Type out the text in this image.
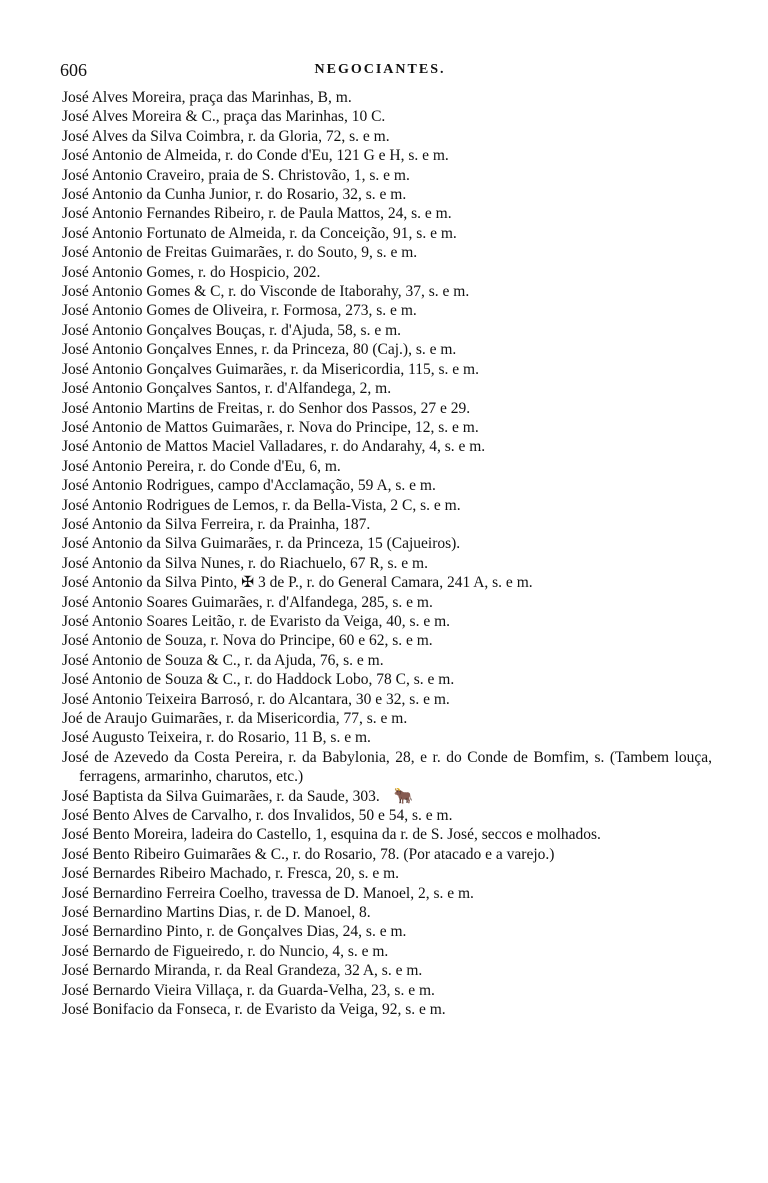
606	NEGOCIANTES.
José Alves Moreira, praça das Marinhas, B, m.
José Alves Moreira & C., praça das Marinhas, 10 C.
José Alves da Silva Coimbra, r. da Gloria, 72, s. e m.
José Antonio de Almeida, r. do Conde d'Eu, 121 G e H, s. e m.
José Antonio Craveiro, praia de S. Christovão, 1, s. e m.
José Antonio da Cunha Junior, r. do Rosario, 32, s. e m.
José Antonio Fernandes Ribeiro, r. de Paula Mattos, 24, s. e m.
José Antonio Fortunato de Almeida, r. da Conceição, 91, s. e m.
José Antonio de Freitas Guimarães, r. do Souto, 9, s. e m.
José Antonio Gomes, r. do Hospicio, 202.
José Antonio Gomes & C, r. do Visconde de Itaborahy, 37, s. e m.
José Antonio Gomes de Oliveira, r. Formosa, 273, s. e m.
José Antonio Gonçalves Bouças, r. d'Ajuda, 58, s. e m.
José Antonio Gonçalves Ennes, r. da Princeza, 80 (Caj.), s. e m.
José Antonio Gonçalves Guimarães, r. da Misericordia, 115, s. e m.
José Antonio Gonçalves Santos, r. d'Alfandega, 2, m.
José Antonio Martins de Freitas, r. do Senhor dos Passos, 27 e 29.
José Antonio de Mattos Guimarães, r. Nova do Principe, 12, s. e m.
José Antonio de Mattos Maciel Valladares, r. do Andarahy, 4, s. e m.
José Antonio Pereira, r. do Conde d'Eu, 6, m.
José Antonio Rodrigues, campo d'Acclamação, 59 A, s. e m.
José Antonio Rodrigues de Lemos, r. da Bella-Vista, 2 C, s. e m.
José Antonio da Silva Ferreira, r. da Prainha, 187.
José Antonio da Silva Guimarães, r. da Princeza, 15 (Cajueiros).
José Antonio da Silva Nunes, r. do Riachuelo, 67 R, s. e m.
José Antonio da Silva Pinto, ✠ 3 de P., r. do General Camara, 241 A, s. e m.
José Antonio Soares Guimarães, r. d'Alfandega, 285, s. e m.
José Antonio Soares Leitão, r. de Evaristo da Veiga, 40, s. e m.
José Antonio de Souza, r. Nova do Principe, 60 e 62, s. e m.
José Antonio de Souza & C., r. da Ajuda, 76, s. e m.
José Antonio de Souza & C., r. do Haddock Lobo, 78 C, s. e m.
José Antonio Teixeira Barrosó, r. do Alcantara, 30 e 32, s. e m.
Joé de Araujo Guimarães, r. da Misericordia, 77, s. e m.
José Augusto Teixeira, r. do Rosario, 11 B, s. e m.
José de Azevedo da Costa Pereira, r. da Babylonia, 28, e r. do Conde de Bomfim, s. (Tambem louça, ferragens, armarinho, charutos, etc.)
José Baptista da Silva Guimarães, r. da Saude, 303. 🐂
José Bento Alves de Carvalho, r. dos Invalidos, 50 e 54, s. e m.
José Bento Moreira, ladeira do Castello, 1, esquina da r. de S. José, seccos e molhados.
José Bento Ribeiro Guimarães & C., r. do Rosario, 78. (Por atacado e a varejo.)
José Bernardes Ribeiro Machado, r. Fresca, 20, s. e m.
José Bernardino Ferreira Coelho, travessa de D. Manoel, 2, s. e m.
José Bernardino Martins Dias, r. de D. Manoel, 8.
José Bernardino Pinto, r. de Gonçalves Dias, 24, s. e m.
José Bernardo de Figueiredo, r. do Nuncio, 4, s. e m.
José Bernardo Miranda, r. da Real Grandeza, 32 A, s. e m.
José Bernardo Vieira Villaça, r. da Guarda-Velha, 23, s. e m.
José Bonifacio da Fonseca, r. de Evaristo da Veiga, 92, s. e m.
